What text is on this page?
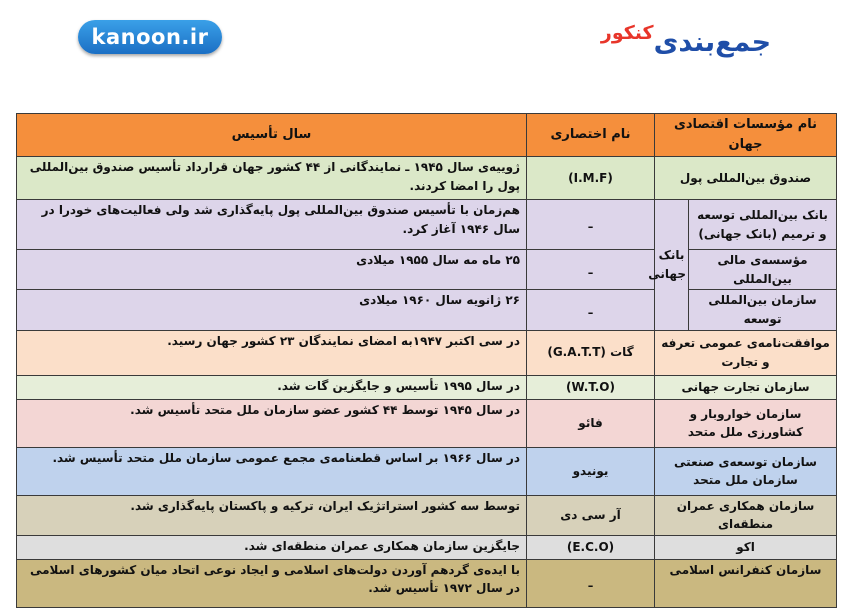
kanoon.ir	جمع‌بندی
کنکور
نام مؤسسات اقتصادی جهان		نام اختصاری	سال تأسیس
صندوق بین‌المللی پول		(I.M.F)	ژوییه‌ی سال ۱۹۴۵ ـ نمایندگانی از ۴۴ کشور جهان قرارداد تأسیس صندوق بین‌المللی پول را امضا کردند.
بانک بین‌المللی توسعه و ترمیم (بانک جهانی)	بانک جهانی	ـ	هم‌زمان با تأسیس صندوق بین‌المللی پول پایه‌گذاری شد ولی فعالیت‌های خودرا در سال ۱۹۴۶ آغاز کرد.
مؤسسه‌ی مالی بین‌المللی		ـ	۲۵ ماه مه سال ۱۹۵۵ میلادی
سازمان بین‌المللی توسعه		ـ	۲۶ ژانویه سال ۱۹۶۰ میلادی
موافقت‌نامه‌ی عمومی تعرفه و تجارت		گات (G.A.T.T)	در سی اکتبر ۱۹۴۷به امضای نمایندگان ۲۳ کشور جهان رسید.
سازمان تجارت جهانی		(W.T.O)	در سال ۱۹۹۵ تأسیس و جایگزین گات شد.
سازمان خواروبار و کشاورزی ملل متحد		فائو	در سال ۱۹۴۵ توسط ۴۴ کشور عضو سازمان ملل متحد تأسیس شد.
سازمان توسعه‌ی صنعتی سازمان ملل متحد		یونیدو	در سال ۱۹۶۶ بر اساس قطعنامه‌ی مجمع عمومی سازمان ملل متحد تأسیس شد.
سازمان همکاری عمران منطقه‌ای		آر سی دی	توسط سه کشور استراتژیک ایران، ترکیه و پاکستان پایه‌گذاری شد.
اکو		(E.C.O)	جایگزین سازمان همکاری عمران منطقه‌ای شد.
سازمان کنفرانس اسلامی		ـ	با ایده‌ی گردهم آوردن دولت‌های اسلامی و ایجاد نوعی اتحاد میان کشورهای اسلامی در سال ۱۹۷۲ تأسیس شد.
